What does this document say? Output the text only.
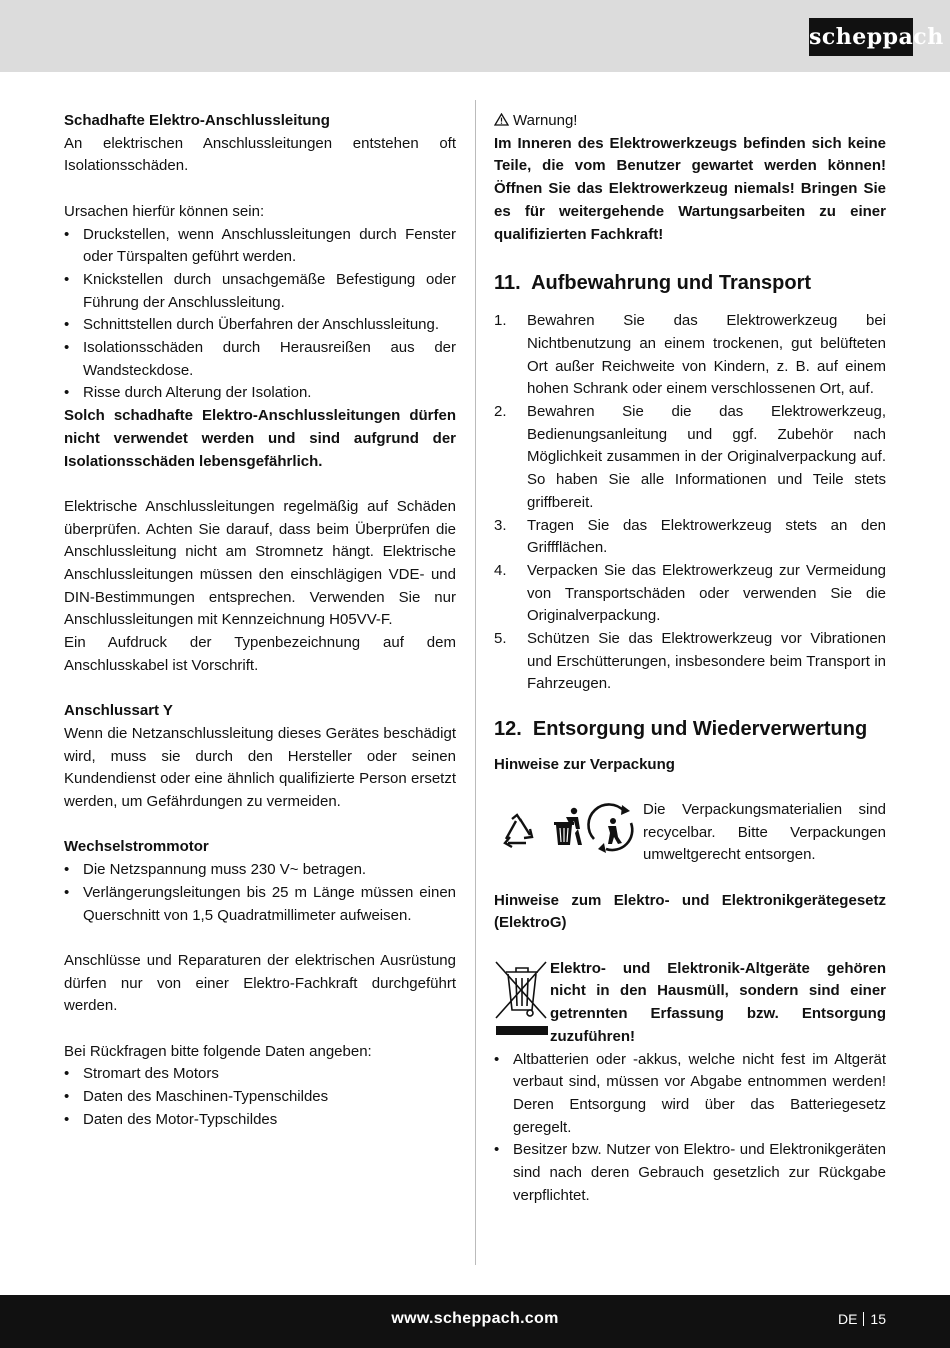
scheppach

Schadhafte Elektro-Anschlussleitung

An elektrischen Anschlussleitungen entstehen oft Isolationsschäden.

Ursachen hierfür können sein:

• Druckstellen, wenn Anschlussleitungen durch Fenster oder Türspalten geführt werden.
• Knickstellen durch unsachgemäße Befestigung oder Führung der Anschlussleitung.
• Schnittstellen durch Überfahren der Anschlussleitung.
• Isolationsschäden durch Herausreißen aus der Wandsteckdose.
• Risse durch Alterung der Isolation.

Solch schadhafte Elektro-Anschlussleitungen dürfen nicht verwendet werden und sind aufgrund der Isolationsschäden lebensgefährlich.

Elektrische Anschlussleitungen regelmäßig auf Schäden überprüfen. Achten Sie darauf, dass beim Überprüfen die Anschlussleitung nicht am Stromnetz hängt. Elektrische Anschlussleitungen müssen den einschlägigen VDE- und DIN-Bestimmungen entsprechen. Verwenden Sie nur Anschlussleitungen mit Kennzeichnung H05VV-F.

Ein Aufdruck der Typenbezeichnung auf dem Anschlusskabel ist Vorschrift.

Anschlussart Y

Wenn die Netzanschlussleitung dieses Gerätes beschädigt wird, muss sie durch den Hersteller oder seinen Kundendienst oder eine ähnlich qualifizierte Person ersetzt werden, um Gefährdungen zu vermeiden.

Wechselstrommotor

• Die Netzspannung muss 230 V~ betragen.
• Verlängerungsleitungen bis 25 m Länge müssen einen Querschnitt von 1,5 Quadratmillimeter aufweisen.

Anschlüsse und Reparaturen der elektrischen Ausrüstung dürfen nur von einer Elektro-Fachkraft durchgeführt werden.

Bei Rückfragen bitte folgende Daten angeben:

• Stromart des Motors
• Daten des Maschinen-Typenschildes
• Daten des Motor-Typschildes

Warnung!

Im Inneren des Elektrowerkzeugs befinden sich keine Teile, die vom Benutzer gewartet werden können! Öffnen Sie das Elektrowerkzeug niemals! Bringen Sie es für weitergehende Wartungsarbeiten zu einer qualifizierten Fachkraft!

11.  Aufbewahrung und Transport
1. Bewahren Sie das Elektrowerkzeug bei Nichtbenutzung an einem trockenen, gut belüfteten Ort außer Reichweite von Kindern, z. B. auf einem hohen Schrank oder einem verschlossenen Ort, auf.
2. Bewahren Sie die das Elektrowerkzeug, Bedienungsanleitung und ggf. Zubehör nach Möglichkeit zusammen in der Originalverpackung auf. So haben Sie alle Informationen und Teile stets griffbereit.
3. Tragen Sie das Elektrowerkzeug stets an den Griffflächen.
4. Verpacken Sie das Elektrowerkzeug zur Vermeidung von Transportschäden oder verwenden Sie die Originalverpackung.
5. Schützen Sie das Elektrowerkzeug vor Vibrationen und Erschütterungen, insbesondere beim Transport in Fahrzeugen.
12.  Entsorgung und Wiederverwertung

Hinweise zur Verpackung

Die Verpackungsmaterialien sind recycelbar. Bitte Verpackungen umweltgerecht entsorgen.

Hinweise zum Elektro- und Elektronikgerätegesetz (ElektroG)

Elektro- und Elektronik-Altgeräte gehören nicht in den Hausmüll, sondern sind einer getrennten Erfassung bzw. Entsorgung zuzuführen!

• Altbatterien oder -akkus, welche nicht fest im Altgerät verbaut sind, müssen vor Abgabe entnommen werden! Deren Entsorgung wird über das Batteriegesetz geregelt.
• Besitzer bzw. Nutzer von Elektro- und Elektronikgeräten sind nach deren Gebrauch gesetzlich zur Rückgabe verpflichtet.
www.scheppach.com	DE 15
